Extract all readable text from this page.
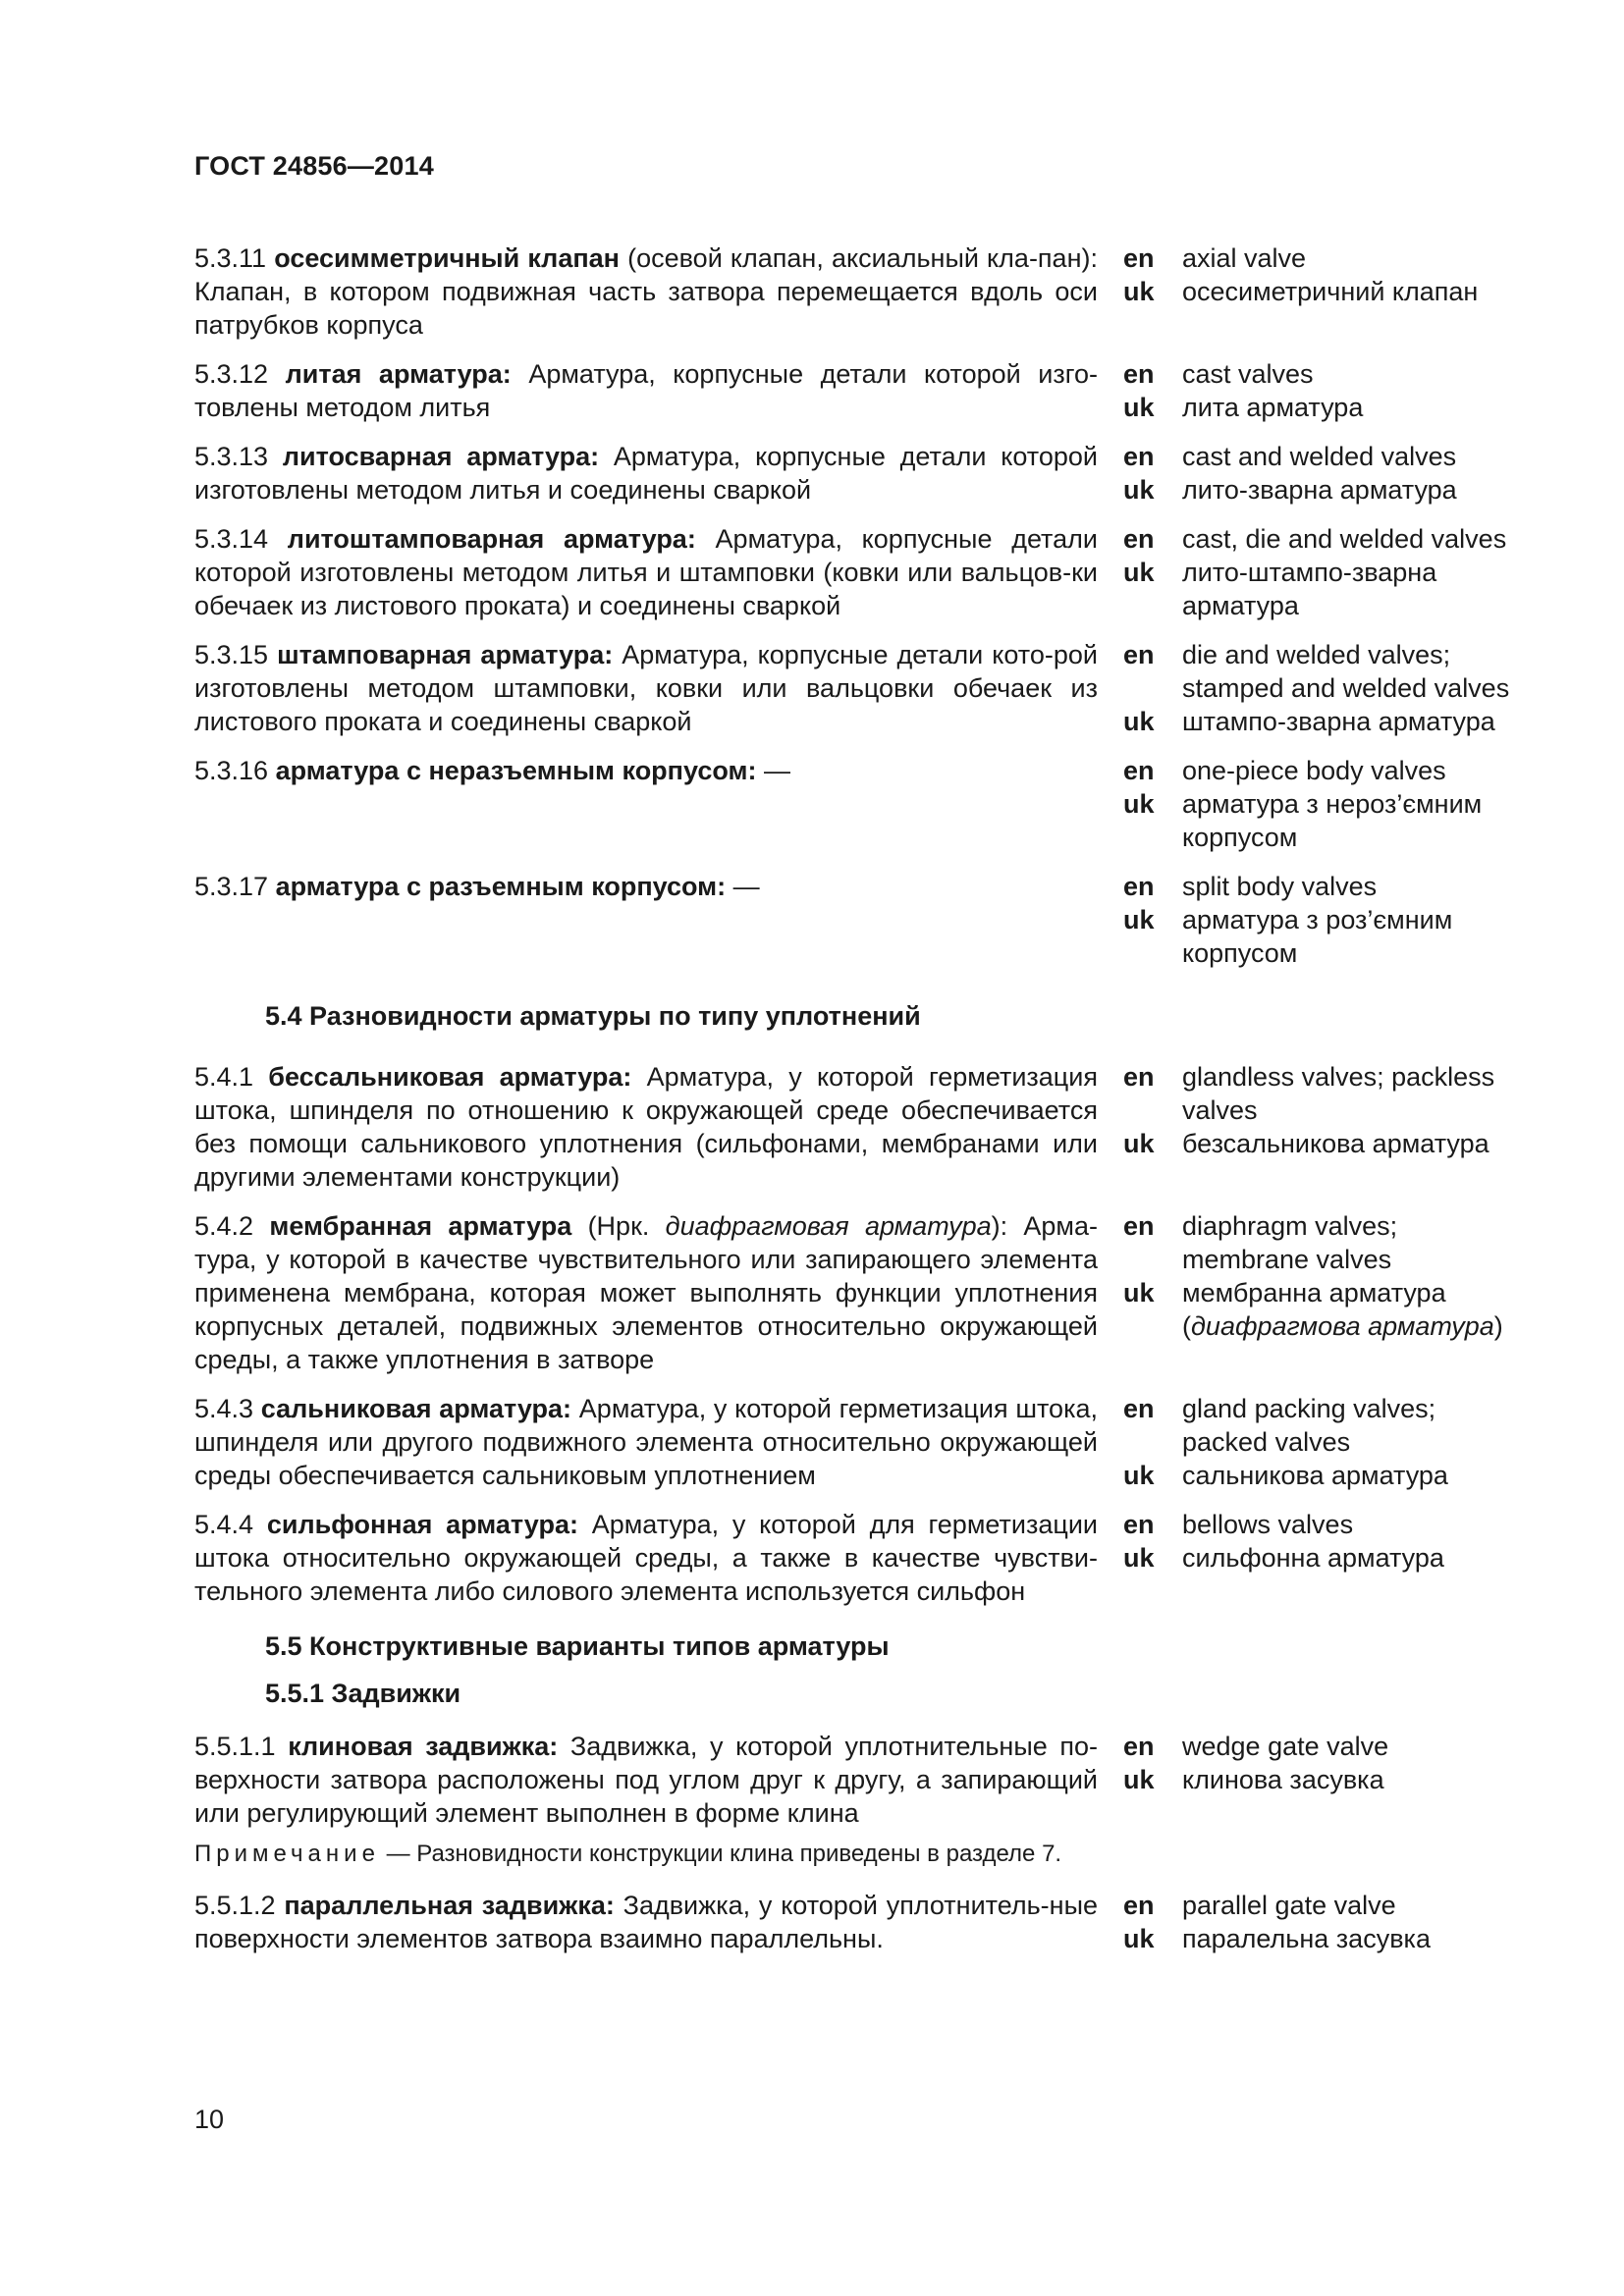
ГОСТ 24856—2014
5.3.11 осесимметричный клапан (осевой клапан, аксиальный кла-пан): Клапан, в котором подвижная часть затвора перемещается вдоль оси патрубков корпуса
en	axial valve
uk	осесиметричний клапан
5.3.12 литая арматура: Арматура, корпусные детали которой изго-товлены методом литья
en	cast valves
uk	лита арматура
5.3.13 литосварная арматура: Арматура, корпусные детали которой изготовлены методом литья и соединены сваркой
en	cast and welded valves
uk	лито-зварна арматура
5.3.14 литоштамповарная арматура: Арматура, корпусные детали которой изготовлены методом литья и штамповки (ковки или вальцов-ки обечаек из листового проката) и соединены сваркой
en	cast, die and welded valves
uk	лито-штампо-зварна арматура
5.3.15 штамповарная арматура: Арматура, корпусные детали кото-рой изготовлены методом штамповки, ковки или вальцовки обечаек из листового проката и соединены сваркой
en	die and welded valves; stamped and welded valves
uk	штампо-зварна арматура
5.3.16 арматура с неразъемным корпусом: —	en	one-piece body valves
uk	арматура з нероз’ємним корпусом
5.3.17 арматура с разъемным корпусом: —	en	split body valves
uk	арматура з роз’ємним корпусом
5.4 Разновидности арматуры по типу уплотнений
5.4.1 бессальниковая арматура: Арматура, у которой герметизация штока, шпинделя по отношению к окружающей среде обеспечивается без помощи сальникового уплотнения (сильфонами, мембранами или другими элементами конструкции)
en	glandless valves; packless valves
uk	безсальникова арматура
5.4.2 мембранная арматура (Нрк. диафрагмовая арматура): Арма-тура, у которой в качестве чувствительного или запирающего элемента применена мембрана, которая может выполнять функции уплотнения корпусных деталей, подвижных элементов относительно окружающей среды, а также уплотнения в затворе
en	diaphragm valves; membrane valves
uk	мембранна арматура (диафрагмова арматура)
5.4.3 сальниковая арматура: Арматура, у которой герметизация штока, шпинделя или другого подвижного элемента относительно окружающей среды обеспечивается сальниковым уплотнением
en	gland packing valves; packed valves
uk	сальникова арматура
5.4.4 сильфонная арматура: Арматура, у которой для герметизации штока относительно окружающей среды, а также в качестве чувстви-тельного элемента либо силового элемента используется сильфон
en	bellows valves
uk	сильфонна арматура
5.5 Конструктивные варианты типов арматуры
5.5.1 Задвижки
5.5.1.1 клиновая задвижка: Задвижка, у которой уплотнительные по-верхности затвора расположены под углом друг к другу, а запирающий или регулирующий элемент выполнен в форме клина
en	wedge gate valve
uk	клинова засувка
Примечание — Разновидности конструкции клина приведены в разделе 7.
5.5.1.2 параллельная задвижка: Задвижка, у которой уплотнитель-ные поверхности элементов затвора взаимно параллельны.
en	parallel gate valve
uk	паралельна засувка
10
